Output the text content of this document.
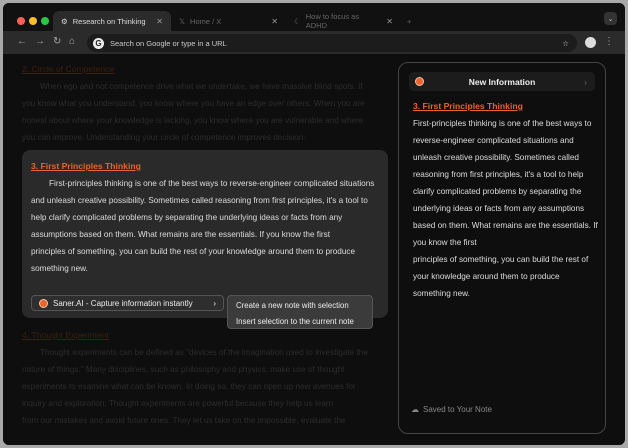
⚙ Research on Thinking ✕ 𝕏 Home / X	✕ ☾ How to focus as ADHD	✕	+	⌄
← → ↻ ⌂	G	Search on Google or type in a URL	☆	⋮
2. Circle of Competence

When ego and not competence drive what we undertake, we have massive blind spots. If you know what you understand, you know where you have an edge over others. When you are honest about where your knowledge is lacking, you know where you are vulnerable and where you can improve. Understanding your circle of competence improves decision-

4. Thought Experiment

Thought experiments can be defined as "devices of the imagination used to investigate the nature of things." Many disciplines, such as philosophy and physics, make use of thought experiments to examine what can be known. In doing so, they can open up new avenues for inquiry and exploration. Thought experiments are powerful because they help us learn

from our mistakes and avoid future ones. They let us take on the impossible, evaluate the

3. First Principles Thinking

First-principles thinking is one of the best ways to reverse-engineer complicated situations and unleash creative possibility. Sometimes called reasoning from first principles, it's a tool to help clarify complicated problems by separating the underlying ideas or facts from any assumptions based on them. What remains are the essentials. If you know the first

principles of something, you can build the rest of your knowledge around them to produce something new.

Saner.AI - Capture information instantly	›	Create a new note with selection
Insert selection to the current note
New Information	›
3. First Principles Thinking

First-principles thinking is one of the best ways to reverse-engineer complicated situations and unleash creative possibility. Sometimes called reasoning from first principles, it's a tool to help clarify complicated problems by separating the underlying ideas or facts from any assumptions based on them. What remains are the essentials. If you know the first

principles of something, you can build the rest of your knowledge around them to produce something new.

☁ Saved to Your Note
